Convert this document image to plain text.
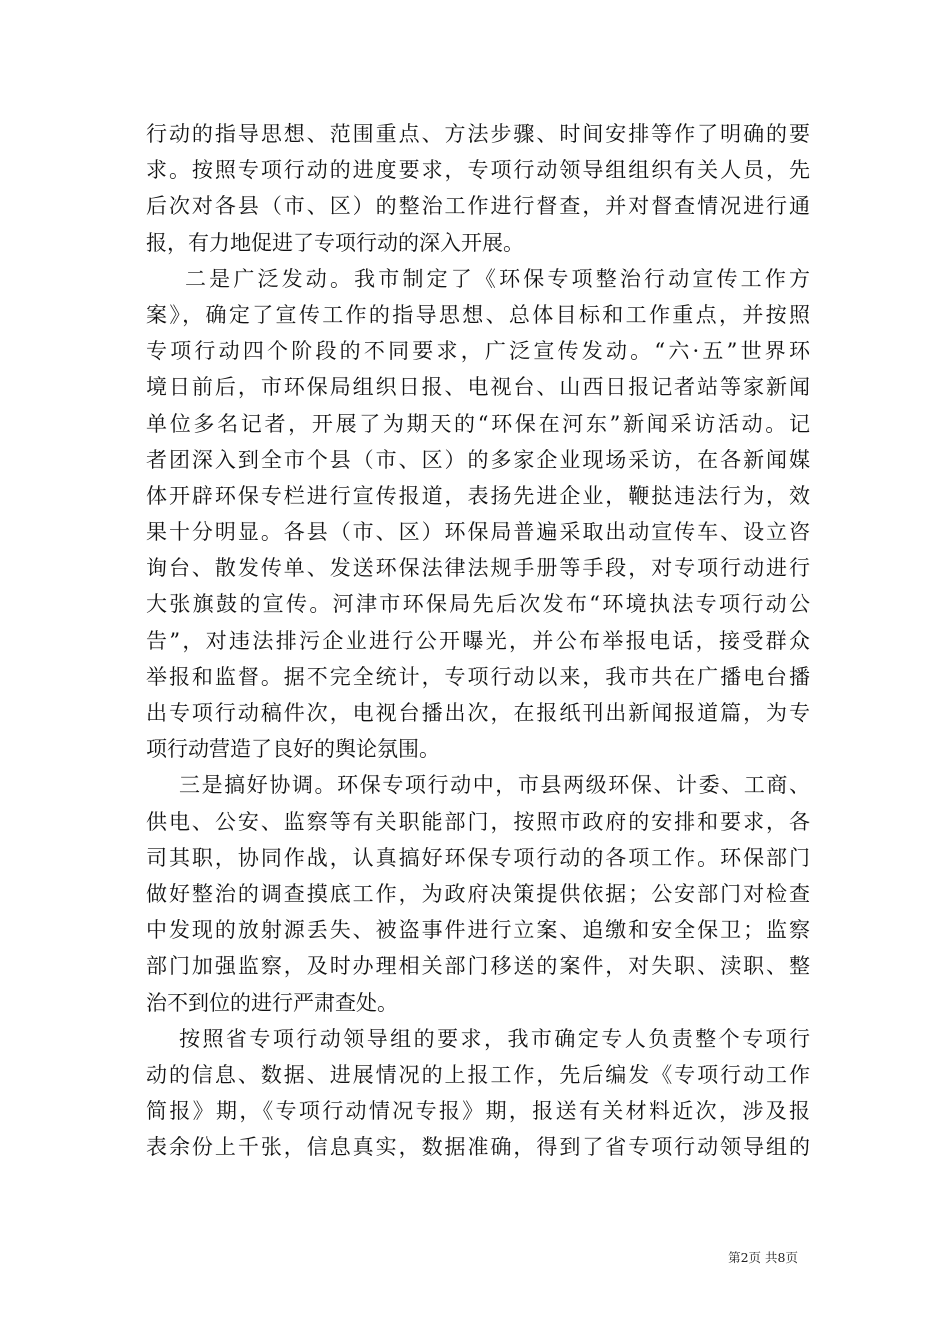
行动的指导思想、范围重点、方法步骤、时间安排等作了明确的要
求。按照专项行动的进度要求，专项行动领导组组织有关人员，先
后次对各县（市、区）的整治工作进行督查，并对督查情况进行通
报，有力地促进了专项行动的深入开展。
二是广泛发动。我市制定了《环保专项整治行动宣传工作方
案》，确定了宣传工作的指导思想、总体目标和工作重点，并按照
专项行动四个阶段的不同要求，广泛宣传发动。“六·五”世界环
境日前后，市环保局组织日报、电视台、山西日报记者站等家新闻
单位多名记者，开展了为期天的“环保在河东”新闻采访活动。记
者团深入到全市个县（市、区）的多家企业现场采访，在各新闻媒
体开辟环保专栏进行宣传报道，表扬先进企业，鞭挞违法行为，效
果十分明显。各县（市、区）环保局普遍采取出动宣传车、设立咨
询台、散发传单、发送环保法律法规手册等手段，对专项行动进行
大张旗鼓的宣传。河津市环保局先后次发布“环境执法专项行动公
告”，对违法排污企业进行公开曝光，并公布举报电话，接受群众
举报和监督。据不完全统计，专项行动以来，我市共在广播电台播
出专项行动稿件次，电视台播出次，在报纸刊出新闻报道篇，为专
项行动营造了良好的舆论氛围。
三是搞好协调。环保专项行动中，市县两级环保、计委、工商、
供电、公安、监察等有关职能部门，按照市政府的安排和要求，各
司其职，协同作战，认真搞好环保专项行动的各项工作。环保部门
做好整治的调查摸底工作，为政府决策提供依据；公安部门对检查
中发现的放射源丢失、被盗事件进行立案、追缴和安全保卫；监察
部门加强监察，及时办理相关部门移送的案件，对失职、渎职、整
治不到位的进行严肃查处。
按照省专项行动领导组的要求，我市确定专人负责整个专项行
动的信息、数据、进展情况的上报工作，先后编发《专项行动工作
简报》期，《专项行动情况专报》期，报送有关材料近次，涉及报
表余份上千张，信息真实，数据准确，得到了省专项行动领导组的
第2页 共8页
